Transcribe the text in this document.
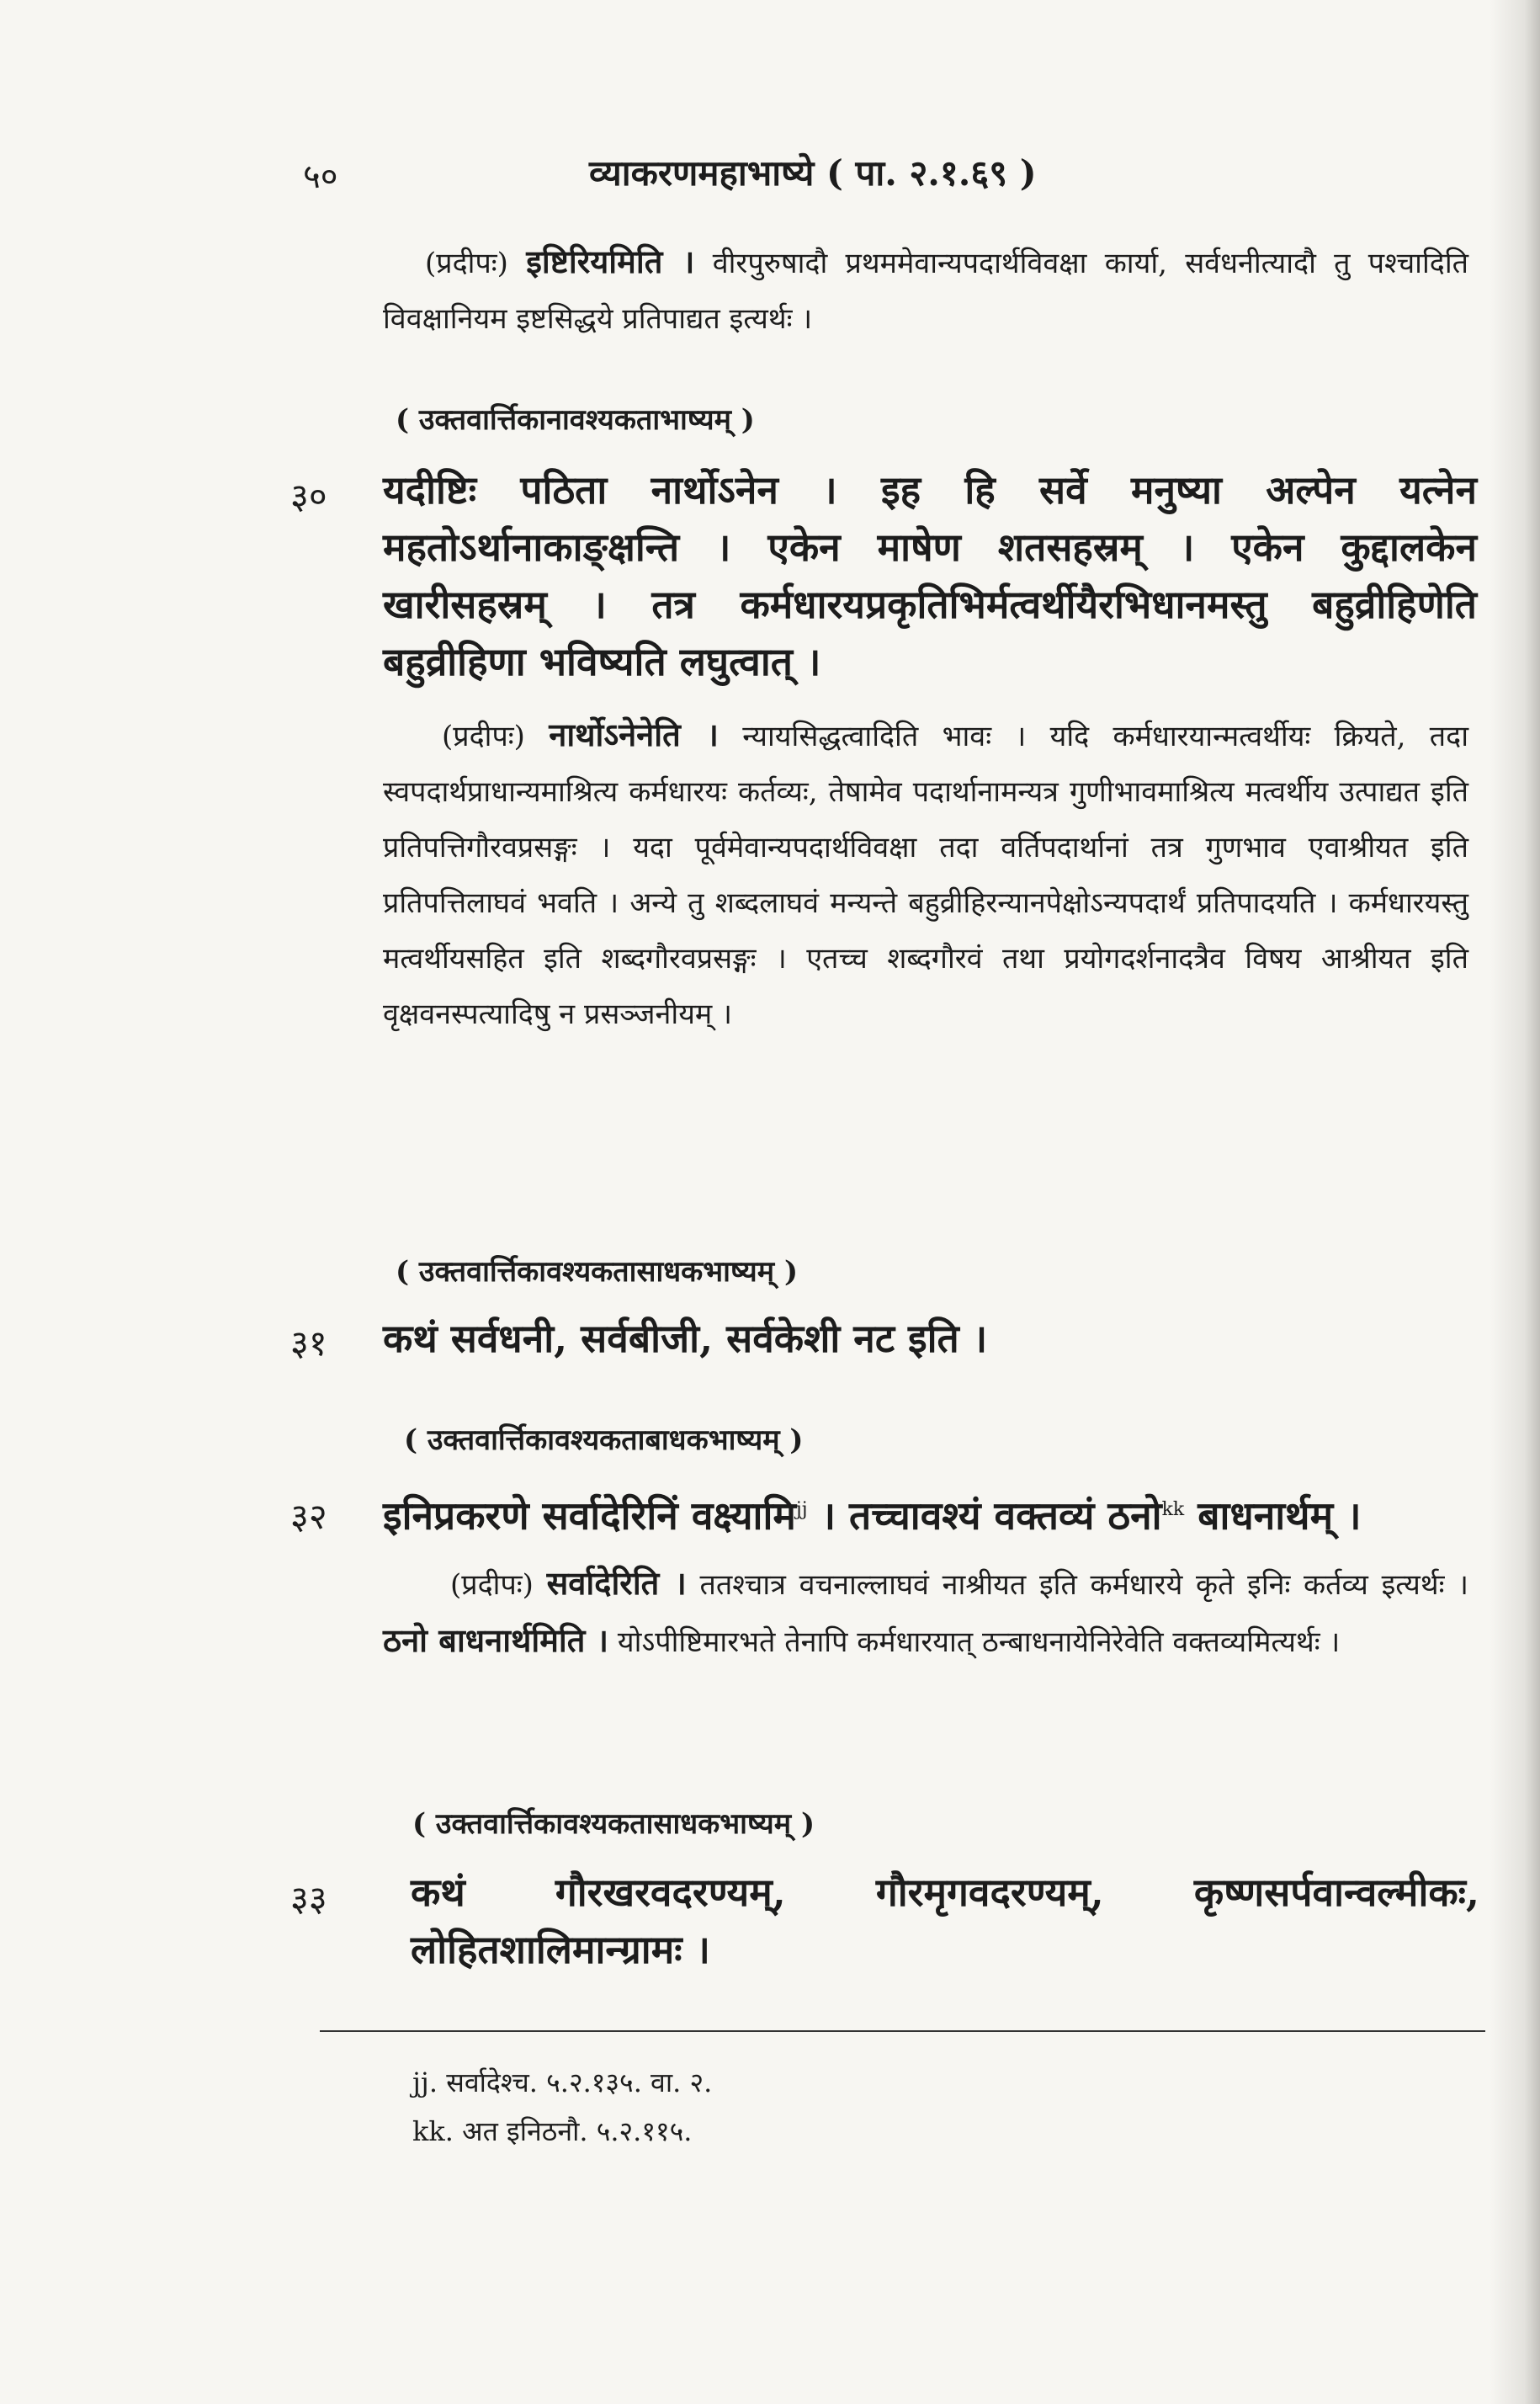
५०	व्याकरणमहाभाष्ये ( पा. २.१.६९ )
(प्रदीपः) इष्टिरियमिति । वीरपुरुषादौ प्रथममेवान्यपदार्थविवक्षा कार्या, सर्वधनीत्यादौ तु पश्चादिति विवक्षानियम इष्टसिद्धये प्रतिपाद्यत इत्यर्थः ।
( उक्तवार्त्तिकानावश्यकताभाष्यम् )
३० यदीष्टिः पठिता नार्थोऽनेन । इह हि सर्वे मनुष्या अल्पेन यत्नेन महतोऽर्थानाकाङ्क्षन्ति । एकेन माषेण शतसहस्रम् । एकेन कुद्दालकेन खारीसहस्रम् । तत्र कर्मधारयप्रकृतिभिर्मत्वर्थीयैरभिधानमस्तु बहुव्रीहिणेति बहुव्रीहिणा भविष्यति लघुत्वात् ।
(प्रदीपः) नार्थोऽनेनेति । न्यायसिद्धत्वादिति भावः । यदि कर्मधारयान्मत्वर्थीयः क्रियते, तदा स्वपदार्थप्राधान्यमाश्रित्य कर्मधारयः कर्तव्यः, तेषामेव पदार्थानामन्यत्र गुणीभावमाश्रित्य मत्वर्थीय उत्पाद्यत इति प्रतिपत्तिगौरवप्रसङ्गः । यदा पूर्वमेवान्यपदार्थविवक्षा तदा वर्तिपदार्थानां तत्र गुणभाव एवाश्रीयत इति प्रतिपत्तिलाघवं भवति । अन्ये तु शब्दलाघवं मन्यन्ते बहुव्रीहिरन्यानपेक्षोऽन्यपदार्थं प्रतिपादयति । कर्मधारयस्तु मत्वर्थीयसहित इति शब्दगौरवप्रसङ्गः । एतच्च शब्दगौरवं तथा प्रयोगदर्शनादत्रैव विषय आश्रीयत इति वृक्षवनस्पत्यादिषु न प्रसञ्जनीयम् ।
( उक्तवार्त्तिकावश्यकतासाधकभाष्यम् )
३१ कथं सर्वधनी, सर्वबीजी, सर्वकेशी नट इति ।
( उक्तवार्त्तिकावश्यकताबाधकभाष्यम् )
३२ इनिप्रकरणे सर्वादेरिनिं वक्ष्यामि$^{jj}$ । तच्चावश्यं वक्तव्यं ठनो$^{kk}$ बाधनार्थम् ।
(प्रदीपः) सर्वादेरिति । ततश्चात्र वचनाल्लाघवं नाश्रीयत इति कर्मधारये कृते इनिः कर्तव्य इत्यर्थः । ठनो बाधनार्थमिति । योऽपीष्टिमारभते तेनापि कर्मधारयात् ठन्बाधनायेनिरेवेति वक्तव्यमित्यर्थः ।
( उक्तवार्त्तिकावश्यकतासाधकभाष्यम् )
३३ कथं गौरखरवदरण्यम्, गौरमृगवदरण्यम्, कृष्णसर्पवान्वल्मीकः, लोहितशालिमान्ग्रामः ।
jj. सर्वादेश्च. ५.२.१३५. वा. २.
kk. अत इनिठनौ. ५.२.११५.
